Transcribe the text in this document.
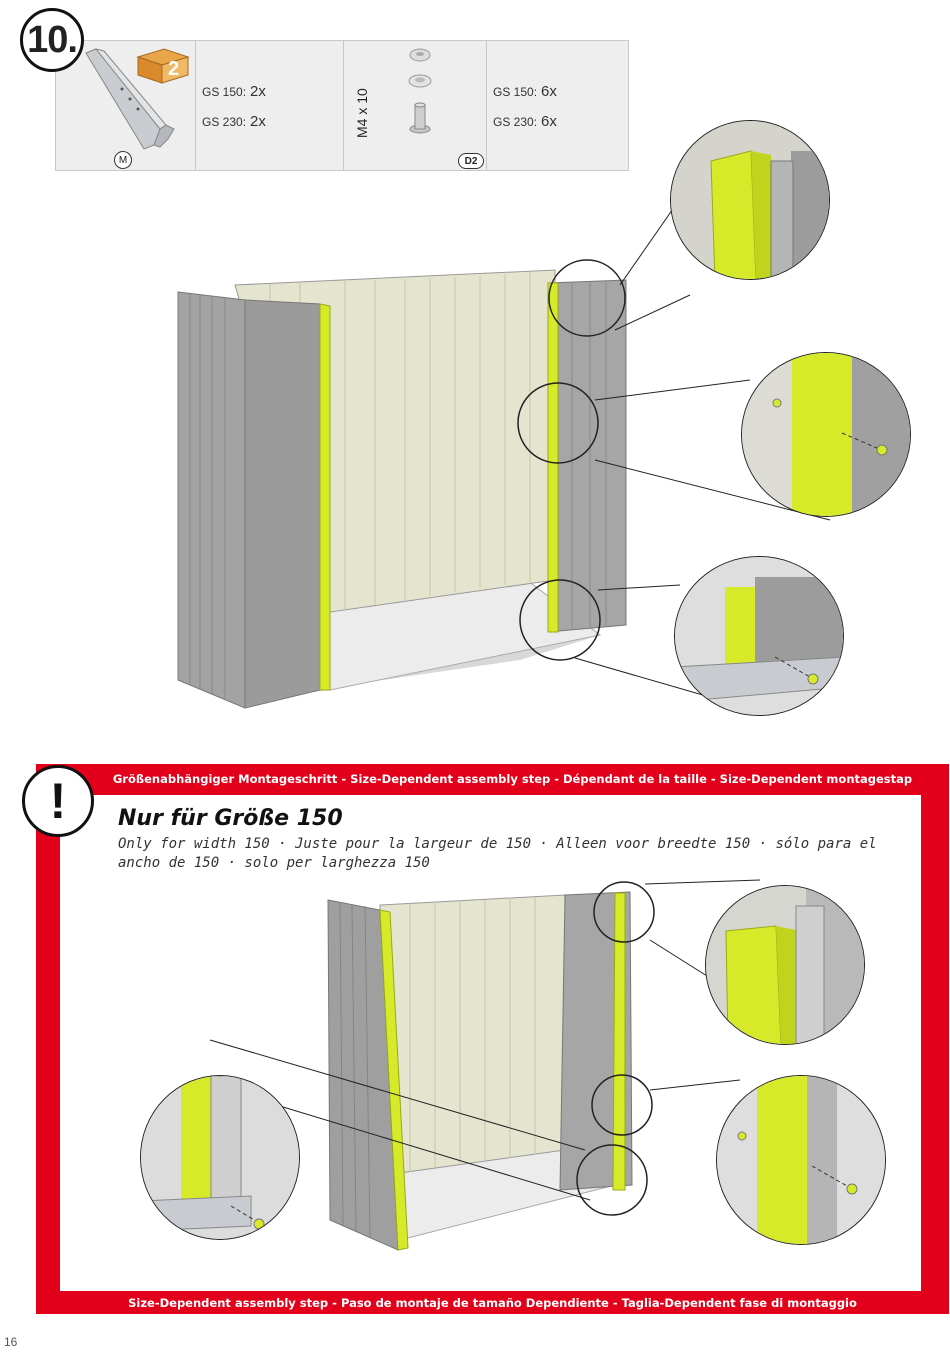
10.
2
M
GS 150: 2x
GS 230: 2x	M4 x 10
D2
GS 150: 6x
GS 230: 6x
Größenabhängiger Montageschritt - Size-Dependent assembly step - Dépendant de la taille - Size-Dependent montagestap
!	Nur für Größe 150
Only for width 150 · Juste pour la largeur de 150 · Alleen voor breedte 150 · sólo para el ancho de 150 · solo per larghezza 150
Size-Dependent assembly step - Paso de montaje de tamaño Dependiente - Taglia-Dependent fase di montaggio
16
